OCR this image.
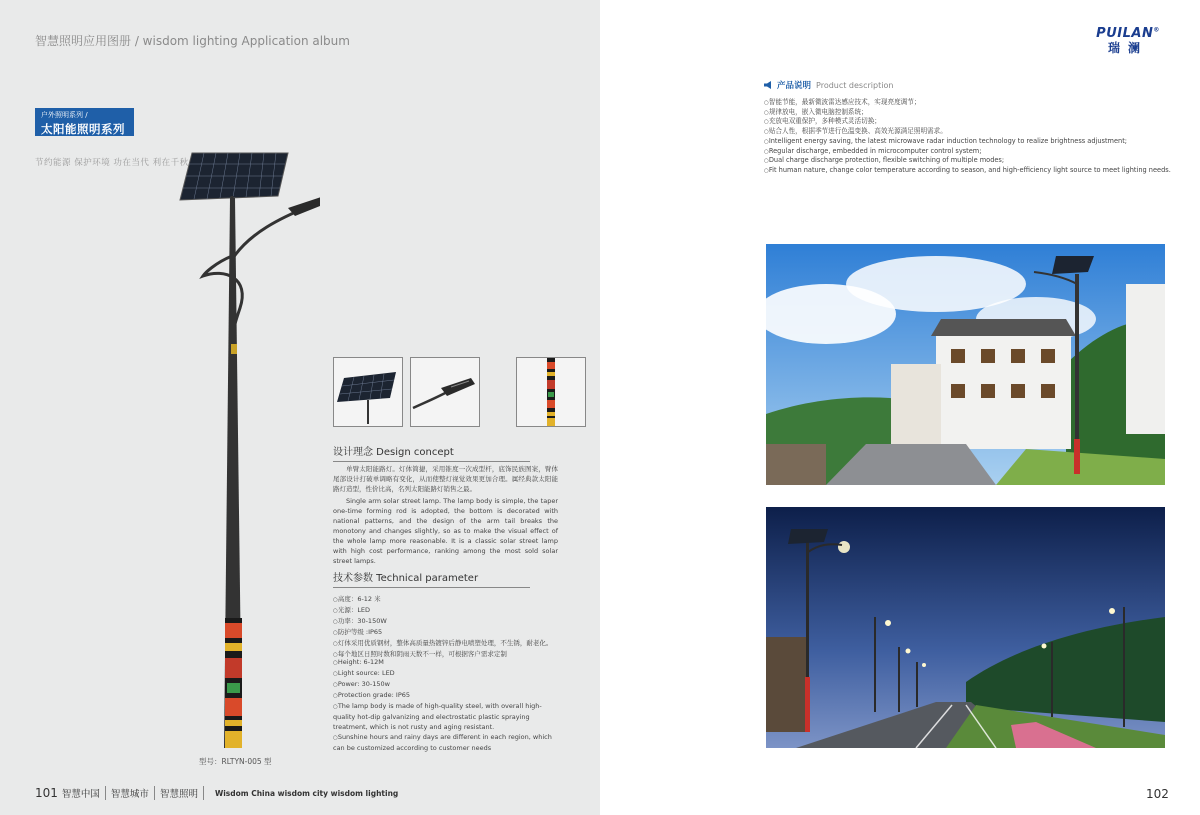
智慧照明应用图册 / wisdom lighting Application album
户外照明系列 /
太阳能照明系列
节约能源 保护环境 功在当代 利在千秋
型号：RLTYN-005 型
设计理念 Design concept
单臂太阳能路灯。灯体简捷，采用锥度一次成型杆，底饰民族图案，臂体尾部设计打破单调略有变化，从而使整灯视觉效果更加合理。属经典款太阳能路灯造型，性价比高，名列太阳能路灯销售之最。
Single arm solar street lamp. The lamp body is simple, the taper one-time forming rod is adopted, the bottom is decorated with national patterns, and the design of the arm tail breaks the monotony and changes slightly, so as to make the visual effect of the whole lamp more reasonable. It is a classic solar street lamp with high cost performance, ranking among the most sold solar street lamps.
技术参数 Technical parameter
○ 高度：6-12 米
○ 光源：LED
○ 功率：30-150W
○ 防护等级 :IP65
○ 灯体采用优质钢材，整体高质量热镀锌后静电喷塑处理，不生锈，耐老化。
○ 每个地区日照时数和阴雨天数不一样，可根据客户需求定制
○ Height: 6-12M
○ Light source: LED
○ Power: 30-150w
○ Protection grade: IP65
○ The lamp body is made of high-quality steel, with overall high-quality hot-dip galvanizing and electrostatic plastic spraying treatment, which is not rusty and aging resistant.
○ Sunshine hours and rainy days are different in each region, which can be customized according to customer needs
101 智慧中国 智慧城市 智慧照明 Wisdom China wisdom city wisdom lighting
PUILAN®
瑞澜
产品说明 Product description
○ 智能节能，最新微波雷达感应技术，实现亮度调节；
○ 规律放电，嵌入微电脑控制系统；
○ 充放电双重保护，多种模式灵活切换；
○ 贴合人性，根据季节进行色温变换、高效光源满足照明需求。
○ Intelligent energy saving, the latest microwave radar induction technology to realize brightness adjustment;
○ Regular discharge, embedded in microcomputer control system;
○ Dual charge discharge protection, flexible switching of multiple modes;
○ Fit human nature, change color temperature according to season, and high-efficiency light source to meet lighting needs.
102
